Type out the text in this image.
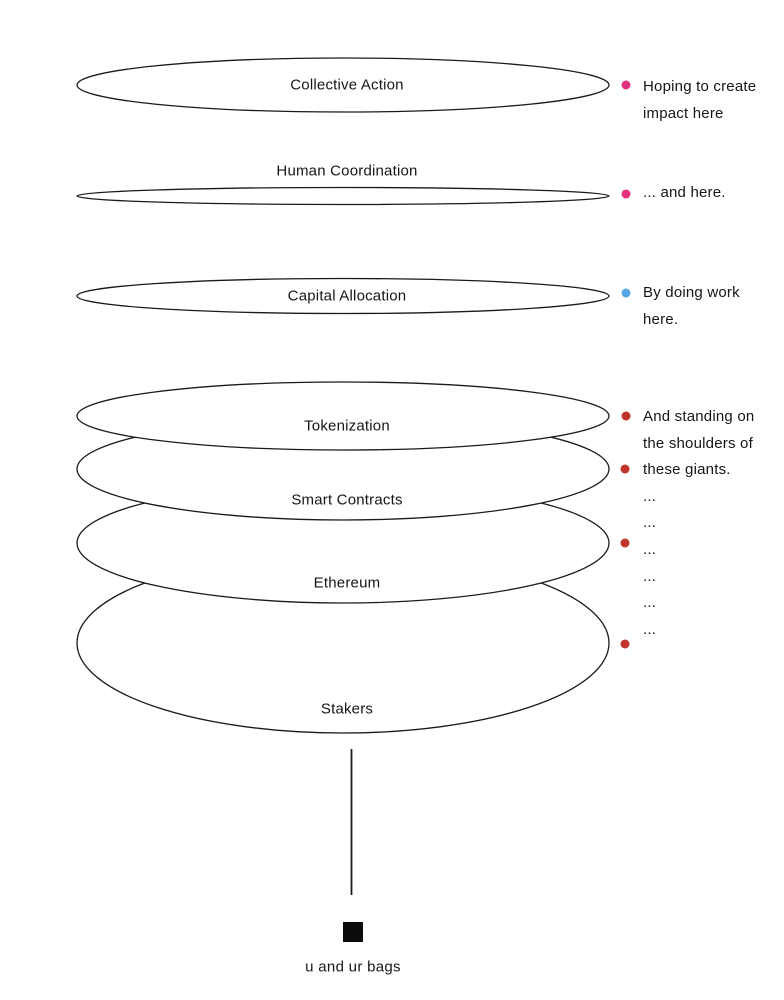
Collective Action
Human Coordination
Capital Allocation
Tokenization
Smart Contracts
Ethereum
Stakers
Hoping to create
impact here
... and here.
By doing work
here.
And standing on
the shoulders of
these giants.
...
...
...
...
...
...
u and ur bags
